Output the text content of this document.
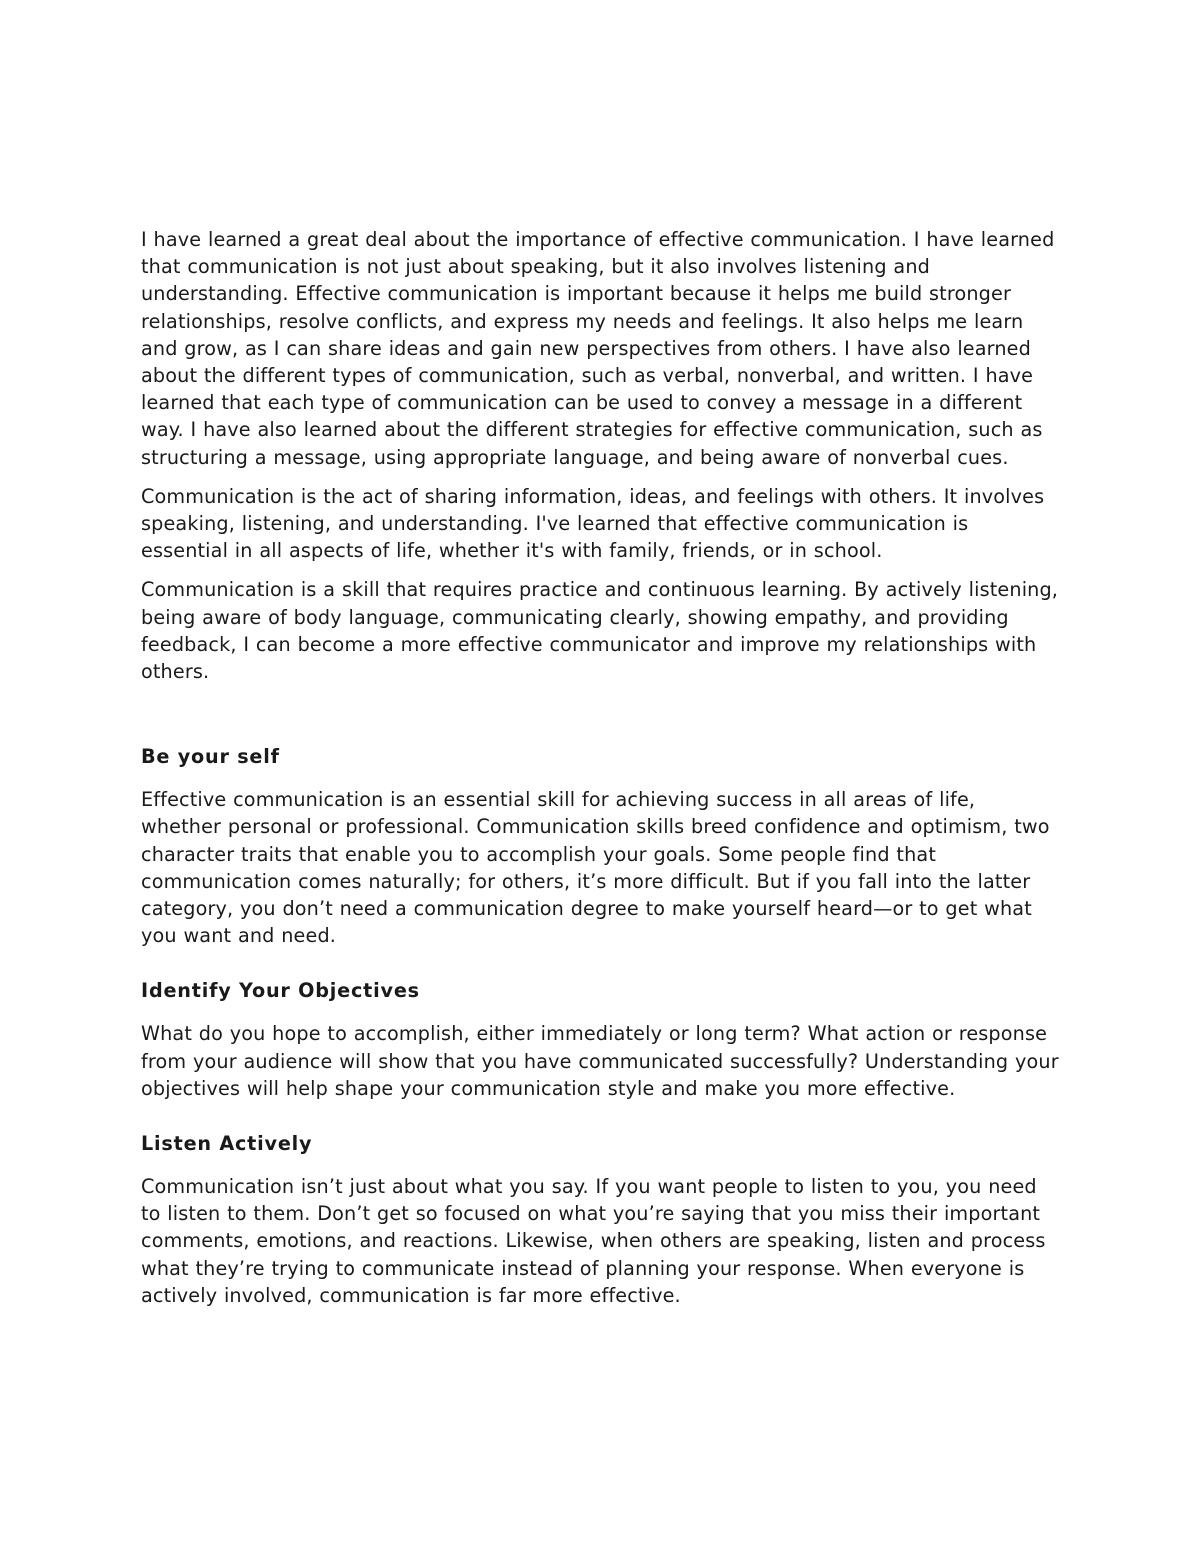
I have learned a great deal about the importance of effective communication. I have learned that communication is not just about speaking, but it also involves listening and understanding. Effective communication is important because it helps me build stronger relationships, resolve conflicts, and express my needs and feelings. It also helps me learn and grow, as I can share ideas and gain new perspectives from others. I have also learned about the different types of communication, such as verbal, nonverbal, and written. I have learned that each type of communication can be used to convey a message in a different way. I have also learned about the different strategies for effective communication, such as structuring a message, using appropriate language, and being aware of nonverbal cues.

Communication is the act of sharing information, ideas, and feelings with others. It involves speaking, listening, and understanding. I've learned that effective communication is essential in all aspects of life, whether it's with family, friends, or in school.

Communication is a skill that requires practice and continuous learning. By actively listening, being aware of body language, communicating clearly, showing empathy, and providing feedback, I can become a more effective communicator and improve my relationships with others.

Be your self

Effective communication is an essential skill for achieving success in all areas of life, whether personal or professional. Communication skills breed confidence and optimism, two character traits that enable you to accomplish your goals. Some people find that communication comes naturally; for others, it’s more difficult. But if you fall into the latter category, you don’t need a communication degree to make yourself heard—or to get what you want and need.

Identify Your Objectives

What do you hope to accomplish, either immediately or long term? What action or response from your audience will show that you have communicated successfully? Understanding your objectives will help shape your communication style and make you more effective.

Listen Actively

Communication isn’t just about what you say. If you want people to listen to you, you need to listen to them. Don’t get so focused on what you’re saying that you miss their important comments, emotions, and reactions. Likewise, when others are speaking, listen and process what they’re trying to communicate instead of planning your response. When everyone is actively involved, communication is far more effective.
